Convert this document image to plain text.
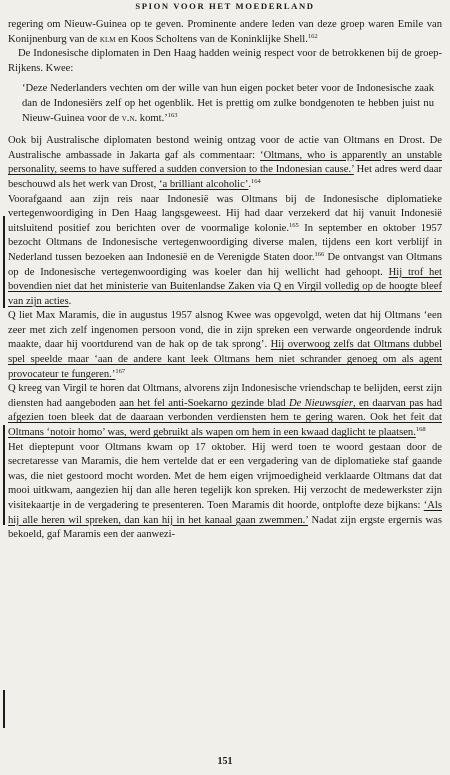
SPION VOOR HET MOEDERLAND

regering om Nieuw-Guinea op te geven. Prominente andere leden van deze groep waren Emile van Konijnenburg van de klm en Koos Scholtens van de Koninklijke Shell.$^{162}$

De Indonesische diplomaten in Den Haag hadden weinig respect voor de betrokkenen bij de groep-Rijkens. Kwee:

‘Deze Nederlanders vechten om der wille van hun eigen pocket beter voor de Indonesische zaak dan de Indonesiërs zelf op het ogenblik. Het is prettig om zulke bondgenoten te hebben juist nu Nieuw-Guinea voor de v.n. komt.’$^{163}$

Ook bij Australische diplomaten bestond weinig ontzag voor de actie van Oltmans en Drost. De Australische ambassade in Jakarta gaf als commentaar: ‘Oltmans, who is apparently an unstable personality, seems to have suffered a sudden conversion to the Indonesian cause.’ Het adres werd daar beschouwd als het werk van Drost, ‘a brilliant alcoholic’.$^{164}$

Voorafgaand aan zijn reis naar Indonesië was Oltmans bij de Indonesische diplomatieke vertegenwoordiging in Den Haag langsgeweest. Hij had daar verzekerd dat hij vanuit Indonesië uitsluitend positief zou berichten over de voormalige kolonie.$^{165}$ In september en oktober 1957 bezocht Oltmans de Indonesische vertegenwoordiging diverse malen, tijdens een kort verblijf in Nederland tussen bezoeken aan Indonesië en de Verenigde Staten door.$^{166}$ De ontvangst van Oltmans op de Indonesische vertegenwoordiging was koeler dan hij wellicht had gehoopt. Hij trof het bovendien niet dat het ministerie van Buitenlandse Zaken via Q en Virgil volledig op de hoogte bleef van zijn acties.

Q liet Max Maramis, die in augustus 1957 alsnog Kwee was opgevolgd, weten dat hij Oltmans ‘een zeer met zich zelf ingenomen persoon vond, die in zijn spreken een verwarde ongeordende indruk maakte, daar hij voortdurend van de hak op de tak sprong’. Hij overwoog zelfs dat Oltmans dubbel spel speelde maar ‘aan de andere kant leek Oltmans hem niet schrander genoeg om als agent provocateur te fungeren.’$^{167}$

Q kreeg van Virgil te horen dat Oltmans, alvorens zijn Indonesische vriendschap te belijden, eerst zijn diensten had aangeboden aan het fel anti-Soekarno gezinde blad De Nieuwsgier, en daarvan pas had afgezien toen bleek dat de daaraan verbonden verdiensten hem te gering waren. Ook het feit dat Oltmans ‘notoir homo’ was, werd gebruikt als wapen om hem in een kwaad daglicht te plaatsen.$^{168}$

Het dieptepunt voor Oltmans kwam op 17 oktober. Hij werd toen te woord gestaan door de secretaresse van Maramis, die hem vertelde dat er een vergadering van de diplomatieke staf gaande was, die niet gestoord mocht worden. Met de hem eigen vrijmoedigheid verklaarde Oltmans dat dat mooi uitkwam, aangezien hij dan alle heren tegelijk kon spreken. Hij verzocht de medewerkster zijn visitekaartje in de vergadering te presenteren. Toen Maramis dit hoorde, ontplofte deze bijkans: ‘Als hij alle heren wil spreken, dan kan hij in het kanaal gaan zwemmen.’ Nadat zijn ergste ergernis was bekoeld, gaf Maramis een der aanwezi-

151
